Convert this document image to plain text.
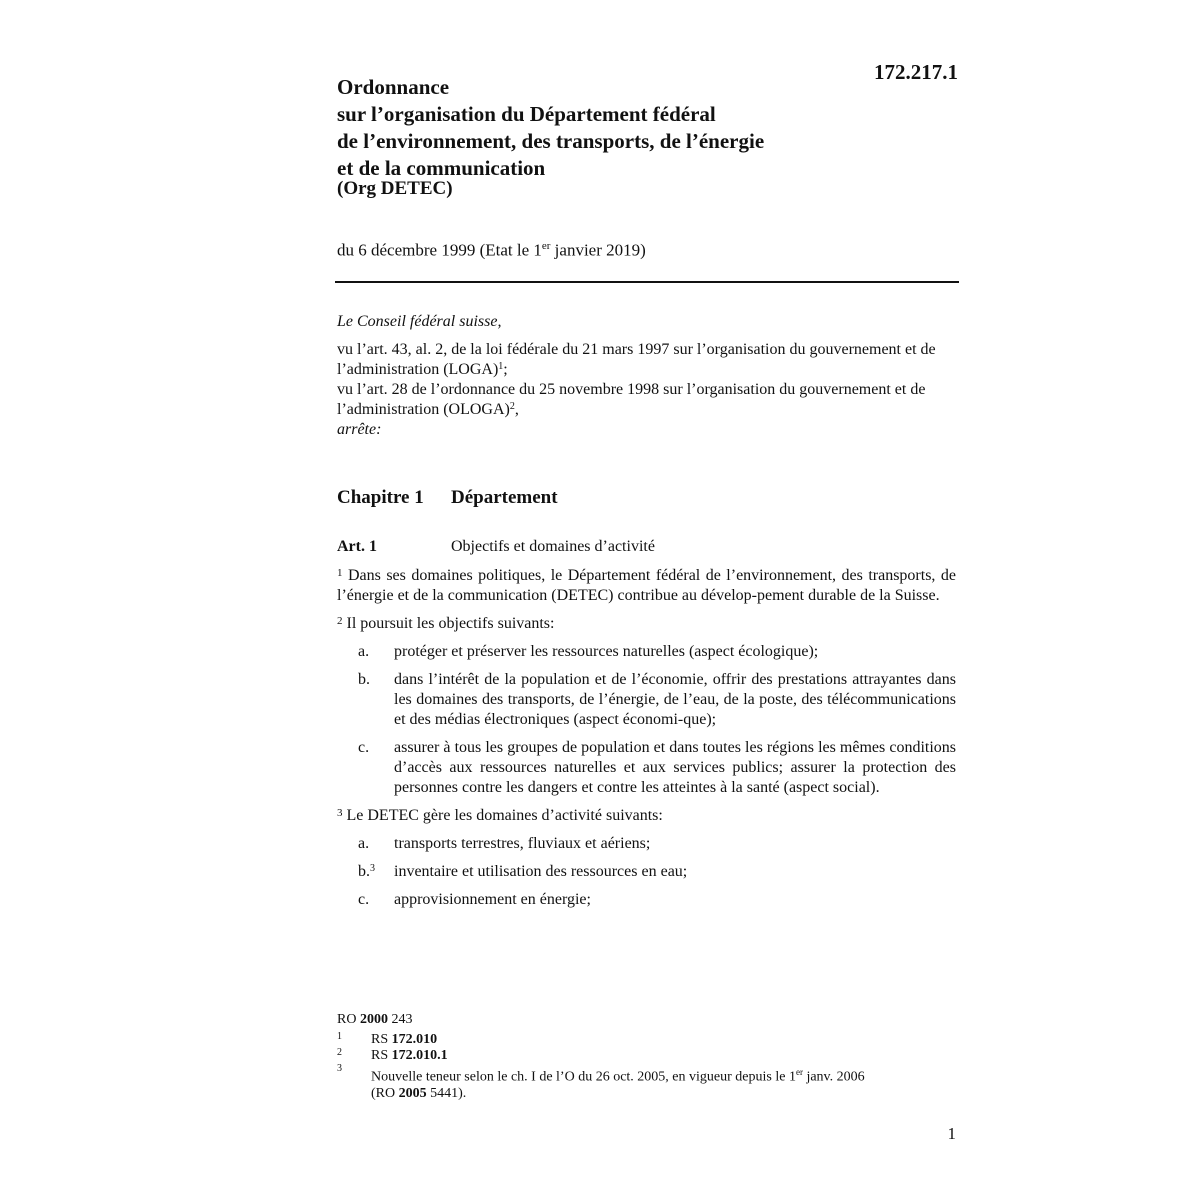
172.217.1
Ordonnance
sur l’organisation du Département fédéral
de l’environnement, des transports, de l’énergie
et de la communication
(Org DETEC)
du 6 décembre 1999 (Etat le 1er janvier 2019)
Le Conseil fédéral suisse,
vu l’art. 43, al. 2, de la loi fédérale du 21 mars 1997 sur l’organisation du gouvernement et de l’administration (LOGA)$^1$;
vu l’art. 28 de l’ordonnance du 25 novembre 1998 sur l’organisation du gouvernement et de l’administration (OLOGA)$^2$,
arrête:
Chapitre 1 Département
Art. 1	Objectifs et domaines d’activité

$^1$ Dans ses domaines politiques, le Département fédéral de l’environnement, des transports, de l’énergie et de la communication (DETEC) contribue au dévelop-pement durable de la Suisse.

$^2$ Il poursuit les objectifs suivants:

a. protéger et préserver les ressources naturelles (aspect écologique);
b. dans l’intérêt de la population et de l’économie, offrir des prestations attrayantes dans les domaines des transports, de l’énergie, de l’eau, de la poste, des télécommunications et des médias électroniques (aspect économi-que);
c. assurer à tous les groupes de population et dans toutes les régions les mêmes conditions d’accès aux ressources naturelles et aux services publics; assurer la protection des personnes contre les dangers et contre les atteintes à la santé (aspect social).

$^3$ Le DETEC gère les domaines d’activité suivants:

a. transports terrestres, fluviaux et aériens;
b.$^3$ inventaire et utilisation des ressources en eau;
c. approvisionnement en énergie;
RO 2000 243
1 RS 172.010
2 RS 172.010.1
3
Nouvelle teneur selon le ch. I de l’O du 26 oct. 2005, en vigueur depuis le 1er janv. 2006
(RO 2005 5441).
1
